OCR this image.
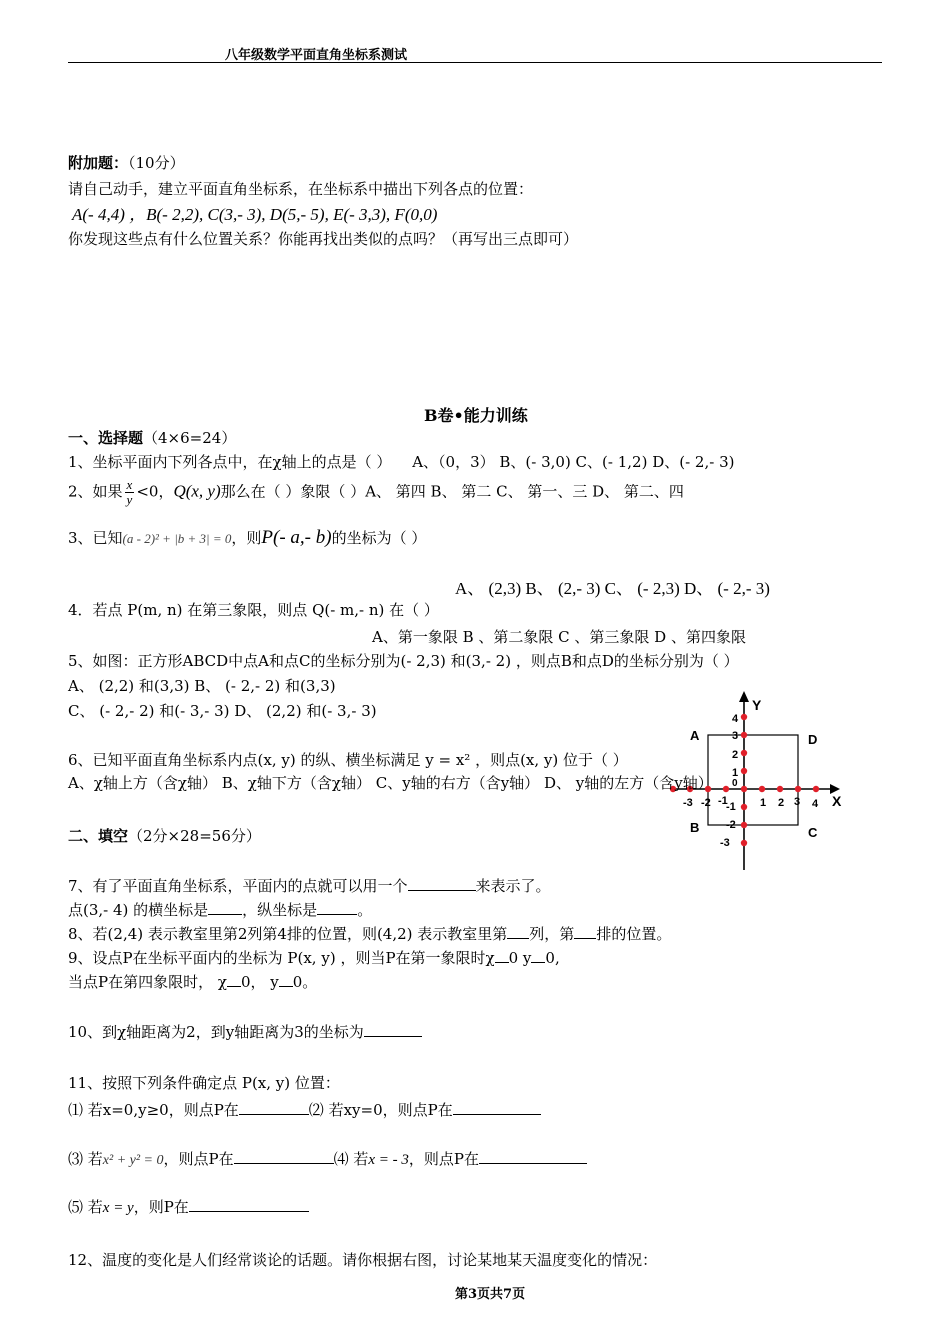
八年级数学平面直角坐标系测试
附加题：（10分）
请自己动手，建立平面直角坐标系，在坐标系中描出下列各点的位置：
A(- 4,4) ，B(- 2,2), C(3,- 3), D(5,- 5), E(- 3,3), F(0,0)
你发现这些点有什么位置关系？你能再找出类似的点吗？（再写出三点即可）
B卷•能力训练
一、选择题（4×6=24）
1、坐标平面内下列各点中，在χ轴上的点是（ ） A、（0，3） B、(- 3,0) C、(- 1,2) D、(- 2,- 3)
2、如果 $\frac{x}{y} <0$，Q(x, y)那么在（ ）象限（ ）A、 第四 B、 第二 C、 第一、三 D、 第二、四
3、已知(a - 2)² + |b + 3| = 0，则P(- a,- b)的坐标为（ ）
A、 (2,3) B、 (2,- 3) C、 (- 2,3) D、 (- 2,- 3)
4．若点 P(m, n) 在第三象限，则点 Q(- m,- n) 在（ ）
A、第一象限 B 、第二象限 C 、第三象限 D 、第四象限
5、如图：正方形ABCD中点A和点C的坐标分别为(- 2,3) 和(3,- 2) ，则点B和点D的坐标分别为（ ）
A、 (2,2) 和(3,3) B、 (- 2,- 2) 和(3,3)
C、 (- 2,- 2) 和(- 3,- 3) D、 (2,2) 和(- 3,- 3)	Y
X
A	D
B	C
0
-3 -2 -1	1 2 3 4
4
3
2
1
-1
-2
-3
6、已知平面直角坐标系内点(x, y) 的纵、横坐标满足 y = x² ，则点(x, y) 位于（ ）
A、χ轴上方（含χ轴） B、χ轴下方（含χ轴） C、y轴的右方（含y轴） D、 y轴的左方（含y轴）
二、填空（2分×28=56分）
7、有了平面直角坐标系，平面内的点就可以用一个	来表示了。
点(3,- 4) 的横坐标是 ，纵坐标是	。
8、若(2,4) 表示教室里第2列第4排的位置，则(4,2) 表示教室里第 列，第 排的位置。
9、设点P在坐标平面内的坐标为 P(x, y) ，则当P在第一象限时χ 0 y 0,
当点P在第四象限时， χ 0， y 0。
10、到χ轴距离为2，到y轴距离为3的坐标为
11、按照下列条件确定点 P(x, y) 位置：
⑴ 若x=0,y≥0，则点P在	⑵ 若xy=0，则点P在
⑶ 若x² + y² = 0，则点P在	⑷ 若x = - 3，则点P在
⑸ 若x = y，则P在
12、温度的变化是人们经常谈论的话题。请你根据右图，讨论某地某天温度变化的情况：
第3页共7页
